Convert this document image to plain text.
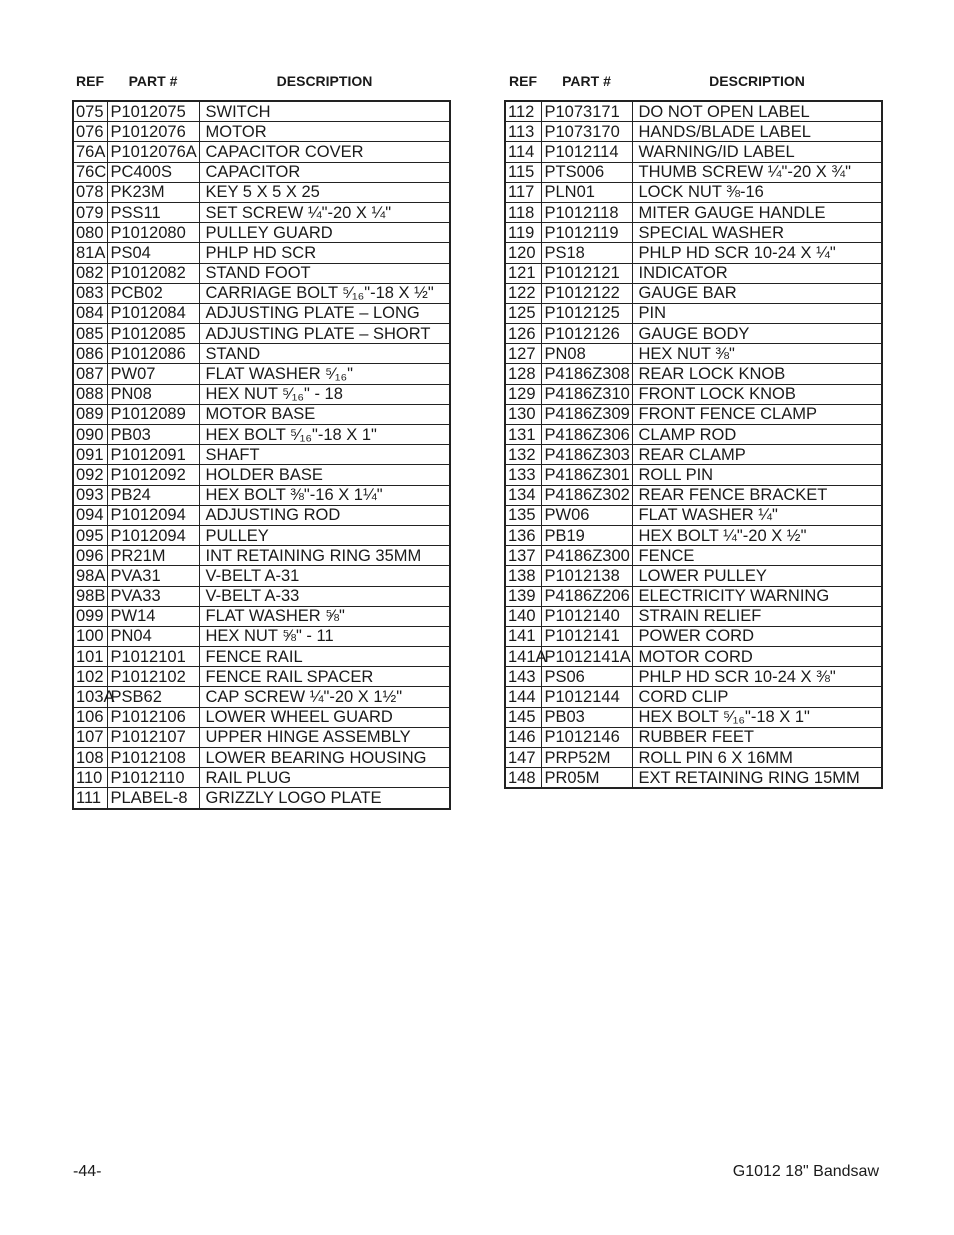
REF	PART #	DESCRIPTION
075	P1012075	SWITCH
076	P1012076	MOTOR
76A	P1012076A	CAPACITOR COVER
76C	PC400S	CAPACITOR
078	PK23M	KEY 5 X 5 X 25
079	PSS11	SET SCREW ¼"-20 X ¼"
080	P1012080	PULLEY GUARD
81A	PS04	PHLP HD SCR
082	P1012082	STAND FOOT
083	PCB02	CARRIAGE BOLT ⁵⁄₁₆"-18 X ½"
084	P1012084	ADJUSTING PLATE – LONG
085	P1012085	ADJUSTING PLATE – SHORT
086	P1012086	STAND
087	PW07	FLAT WASHER ⁵⁄₁₆"
088	PN08	HEX NUT ⁵⁄₁₆" - 18
089	P1012089	MOTOR BASE
090	PB03	HEX BOLT ⁵⁄₁₆"-18 X 1"
091	P1012091	SHAFT
092	P1012092	HOLDER BASE
093	PB24	HEX BOLT ⅜"-16 X 1¼"
094	P1012094	ADJUSTING ROD
095	P1012094	PULLEY
096	PR21M	INT RETAINING RING 35MM
98A	PVA31	V-BELT A-31
98B	PVA33	V-BELT A-33
099	PW14	FLAT WASHER ⅝"
100	PN04	HEX NUT ⅝" - 11
101	P1012101	FENCE RAIL
102	P1012102	FENCE RAIL SPACER
103A	PSB62	CAP SCREW ¼"-20 X 1½"
106	P1012106	LOWER WHEEL GUARD
107	P1012107	UPPER HINGE ASSEMBLY
108	P1012108	LOWER BEARING HOUSING
110	P1012110	RAIL PLUG
111	PLABEL-8	GRIZZLY LOGO PLATE
REF	PART #	DESCRIPTION
112	P1073171	DO NOT OPEN LABEL
113	P1073170	HANDS/BLADE LABEL
114	P1012114	WARNING/ID LABEL
115	PTS006	THUMB SCREW ¼"-20 X ¾"
117	PLN01	LOCK NUT ⅜-16
118	P1012118	MITER GAUGE HANDLE
119	P1012119	SPECIAL WASHER
120	PS18	PHLP HD SCR 10-24 X ¼"
121	P1012121	INDICATOR
122	P1012122	GAUGE BAR
125	P1012125	PIN
126	P1012126	GAUGE BODY
127	PN08	HEX NUT ⅜"
128	P4186Z308	REAR LOCK KNOB
129	P4186Z310	FRONT LOCK KNOB
130	P4186Z309	FRONT FENCE CLAMP
131	P4186Z306	CLAMP ROD
132	P4186Z303	REAR CLAMP
133	P4186Z301	ROLL PIN
134	P4186Z302	REAR FENCE BRACKET
135	PW06	FLAT WASHER ¼"
136	PB19	HEX BOLT ¼"-20 X ½"
137	P4186Z300	FENCE
138	P1012138	LOWER PULLEY
139	P4186Z206	ELECTRICITY WARNING
140	P1012140	STRAIN RELIEF
141	P1012141	POWER CORD
141A	P1012141A	MOTOR CORD
143	PS06	PHLP HD SCR 10-24 X ⅜"
144	P1012144	CORD CLIP
145	PB03	HEX BOLT ⁵⁄₁₆"-18 X 1"
146	P1012146	RUBBER FEET
147	PRP52M	ROLL PIN 6 X 16MM
148	PR05M	EXT RETAINING RING 15MM
-44-	G1012 18" Bandsaw
